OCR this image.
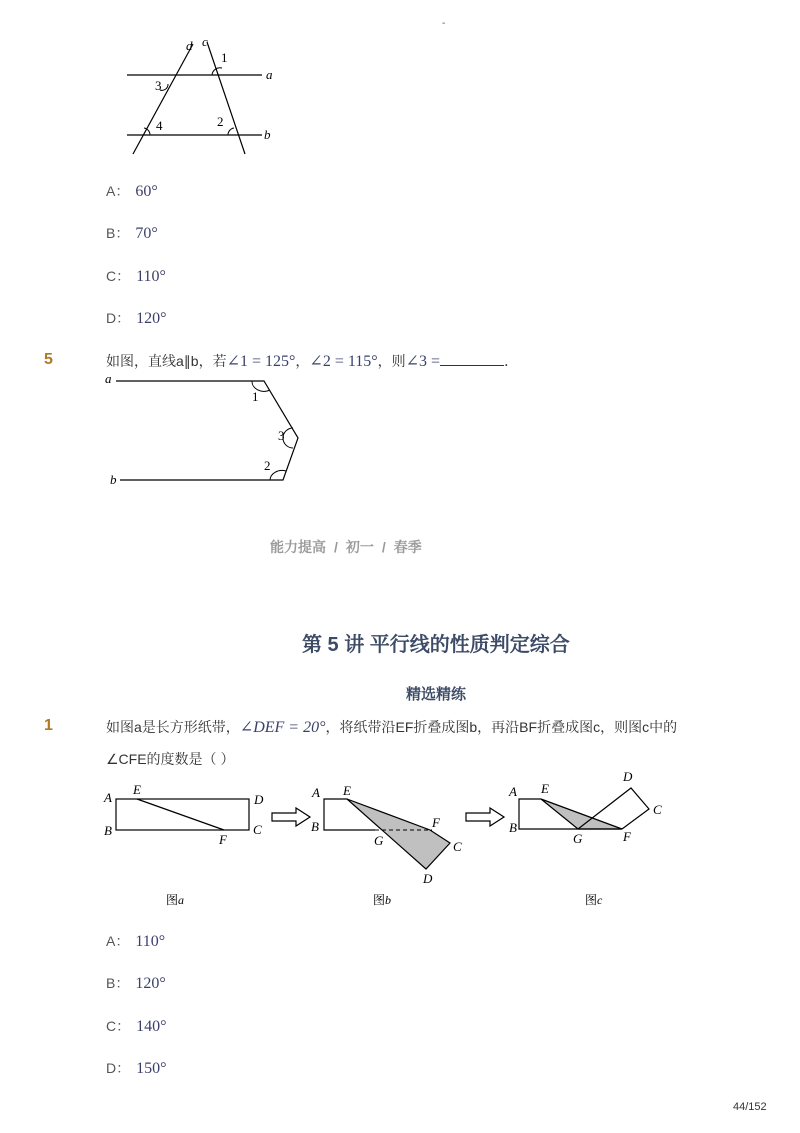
-
d c
1
a
3
4	2
b
A： 60°
B： 70°
C： 110°
D： 120°
5	如图，直线a∥b，若∠1 = 125°，∠2 = 115°，则∠3 =	．
a
1
3
2
b
能力提高 / 初一 / 春季
第 5 讲 平行线的性质判定综合
精选精练
1	如图a是长方形纸带，∠DEF = 20°，将纸带沿EF折叠成图b，再沿BF折叠成图c，则图c中的
∠CFE的度数是（ ）
A
E
D
B
F
C
A E
B	F
G	C
D
D
A E
C
B
G	F
图a	图b	图c
A： 110°
B： 120°
C： 140°
D： 150°
44/152
